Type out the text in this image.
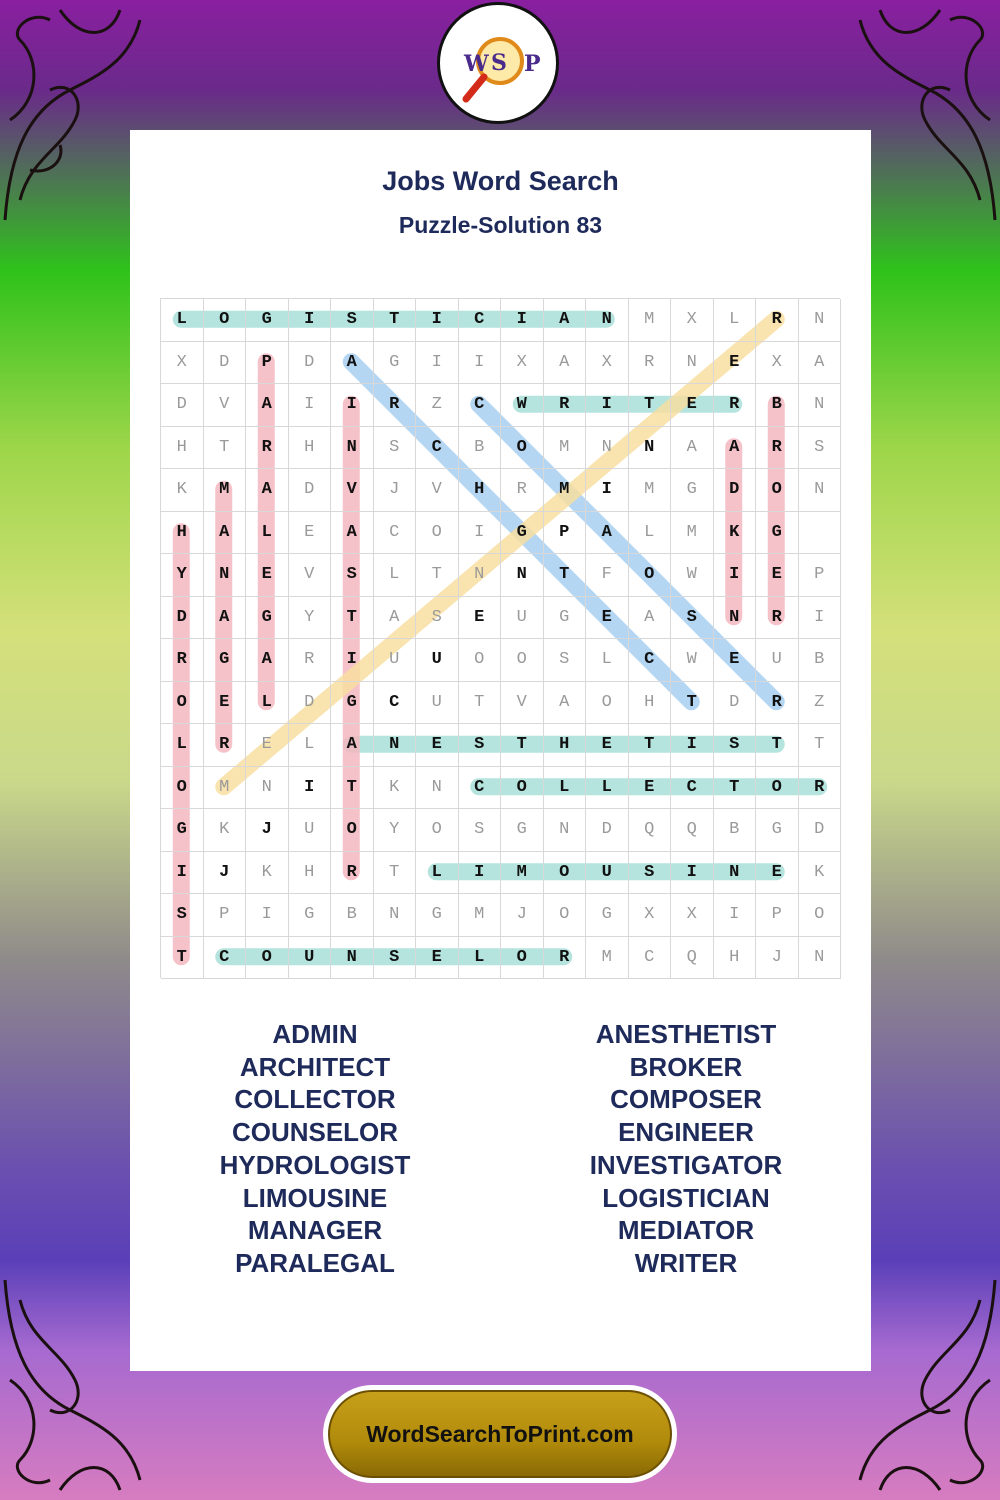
W S P
Jobs Word Search
Puzzle-Solution 83
L	O	G	I	S	T	I	C	I	A	N	M	X	L	R	N
X	D	P	D	A	G	I	I	X	A	X	R	N	E	X	A
D	V	A	I	I	R	Z	C	W	R	I	T	E	R	B	N
H	T	R	H	N	S	C	B	O	M	N	N	A	A	R	S
K	M	A	D	V	J	V	H	R	M	I	M	G	D	O	N
H	A	L	E	A	C	O	I	G	P	A	L	M	K	G
Y	N	E	V	S	L	T	N	N	T	F	O	W	I	E	P
D	A	G	Y	T	A	S	E	U	G	E	A	S	N	R	I
R	G	A	R	I	U	U	O	O	S	L	C	W	E	U	B
O	E	L	D	G	C	U	T	V	A	O	H	T	D	R	Z
L	R	E	L	A	N	E	S	T	H	E	T	I	S	T	T
O	M	N	I	T	K	N	C	O	L	L	E	C	T	O	R
G	K	J	U	O	Y	O	S	G	N	D	Q	Q	B	G	D
I	J	K	H	R	T	L	I	M	O	U	S	I	N	E	K
S	P	I	G	B	N	G	M	J	O	G	X	X	I	P	O
T	C	O	U	N	S	E	L	O	R	M	C	Q	H	J	N
ADMIN
ARCHITECT
COLLECTOR
COUNSELOR
HYDROLOGIST
LIMOUSINE
MANAGER
PARALEGAL
ANESTHETIST
BROKER
COMPOSER
ENGINEER
INVESTIGATOR
LOGISTICIAN
MEDIATOR
WRITER
WordSearchToPrint.com
